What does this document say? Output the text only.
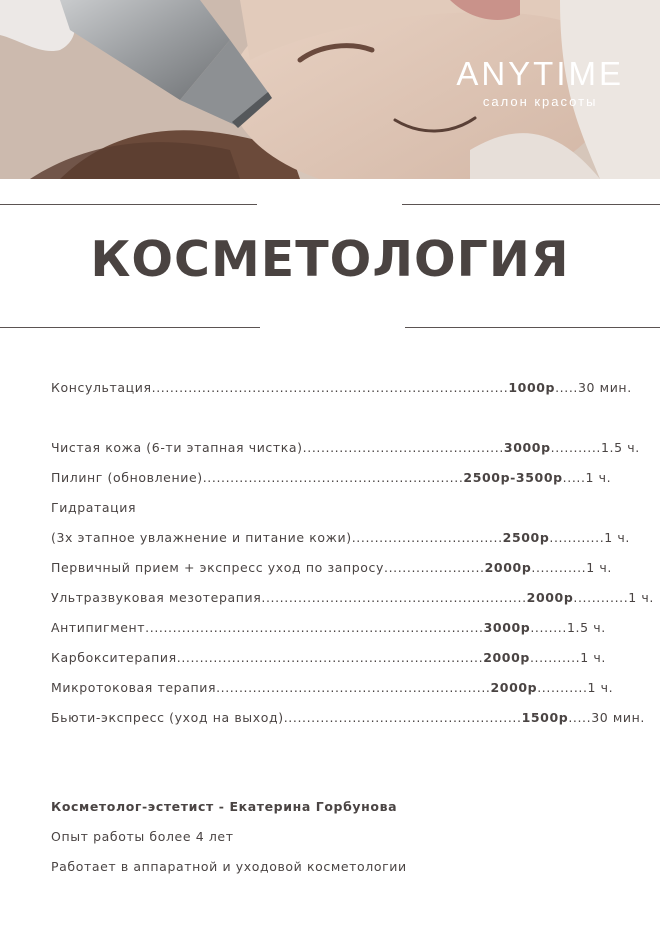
ANYTIME
салон красоты
КОСМЕТОЛОГИЯ
Консультация..............................................................................1000р.....30 мин.
Чистая кожа (6-ти этапная чистка)............................................3000р...........1.5 ч.
Пилинг (обновление).........................................................2500р-3500р.....1 ч.
Гидратация
(3х этапное увлажнение и питание кожи).................................2500р............1 ч.
Первичный прием + экспресс уход по запросу......................2000р............1 ч.
Ультразвуковая мезотерапия..........................................................2000р............1 ч.
Антипигмент..........................................................................3000р........1.5 ч.
Карбокситерапия...................................................................2000р...........1 ч.
Микротоковая терапия............................................................2000р...........1 ч.
Бьюти-экспресс (уход на выход)....................................................1500р.....30 мин.
Косметолог-эстетист - Екатерина Горбунова
Опыт работы более 4 лет
Работает в аппаратной и уходовой косметологии
